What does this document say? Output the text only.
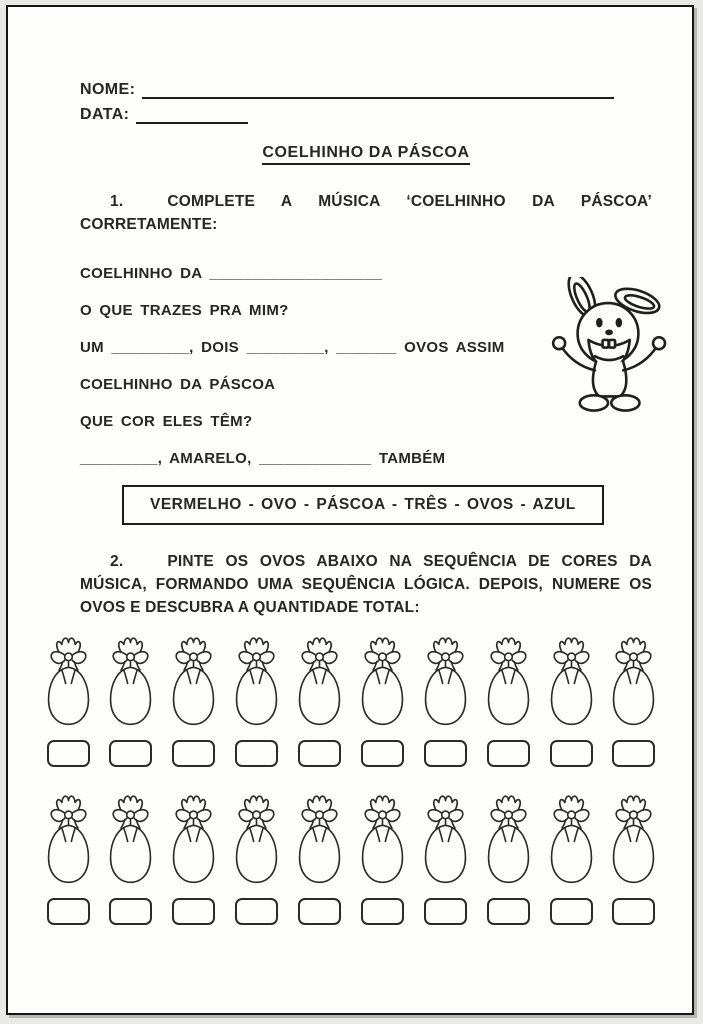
NOME:
DATA:
COELHINHO DA PÁSCOA

1.	COMPLETE A MÚSICA ‘COELHINHO DA PÁSCOA’ CORRETAMENTE:

COELHINHO DA ____________________
O QUE TRAZES PRA MIM?
UM _________, DOIS _________, _______ OVOS ASSIM
COELHINHO DA PÁSCOA
QUE COR ELES TÊM?
_________, AMARELO, _____________ TAMBÉM
VERMELHO - OVO - PÁSCOA - TRÊS - OVOS - AZUL

2.	PINTE OS OVOS ABAIXO NA SEQUÊNCIA DE CORES DA MÚSICA, FORMANDO UMA SEQUÊNCIA LÓGICA. DEPOIS, NUMERE OS OVOS E DESCUBRA A QUANTIDADE TOTAL:
